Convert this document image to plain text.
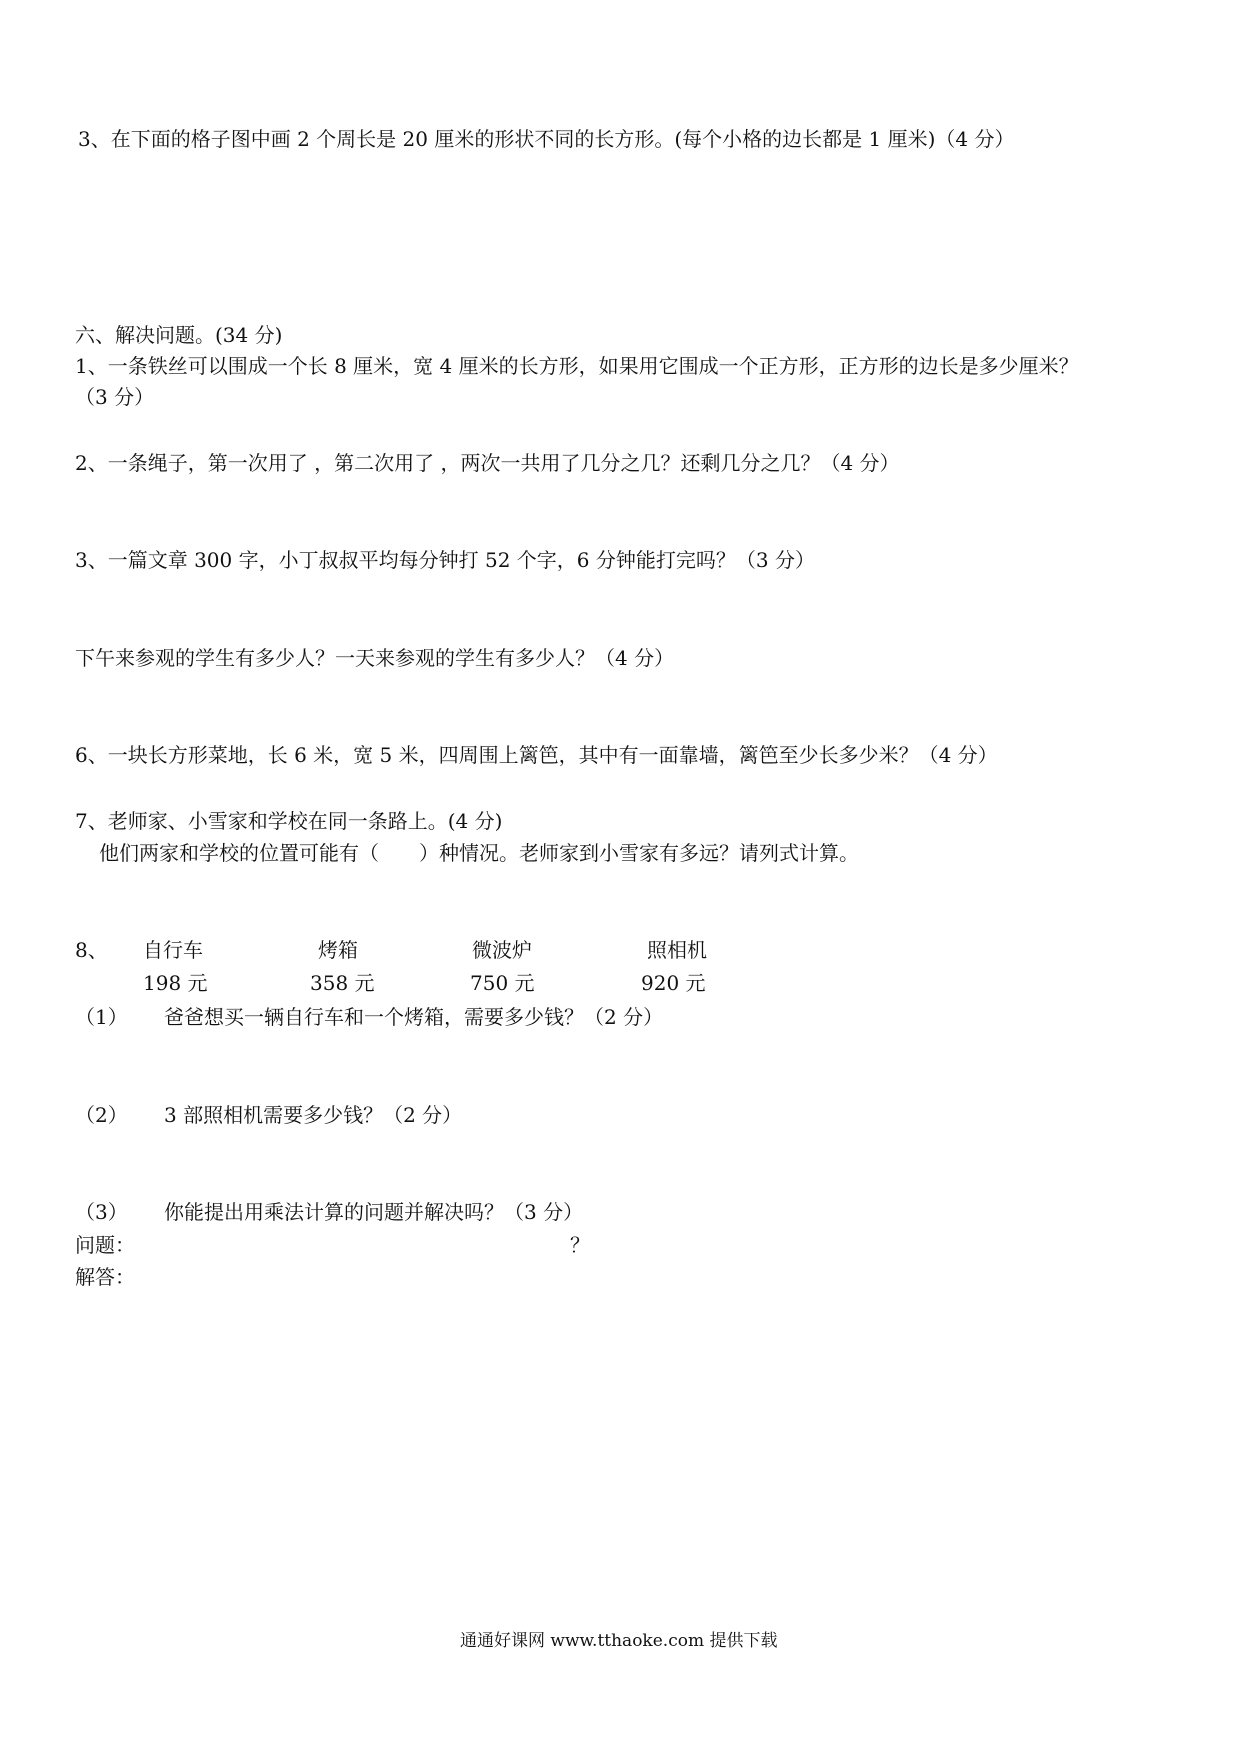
3、在下面的格子图中画 2 个周长是 20 厘米的形状不同的长方形。(每个小格的边长都是 1 厘米)（4 分）
六、解决问题。(34 分)
1、一条铁丝可以围成一个长 8 厘米，宽 4 厘米的长方形，如果用它围成一个正方形，正方形的边长是多少厘米？
（3 分）
2、一条绳子，第一次用了 ，第二次用了 ，两次一共用了几分之几？还剩几分之几？（4 分）
3、一篇文章 300 字，小丁叔叔平均每分钟打 52 个字，6 分钟能打完吗？（3 分）
下午来参观的学生有多少人？一天来参观的学生有多少人？（4 分）
6、一块长方形菜地，长 6 米，宽 5 米，四周围上篱笆，其中有一面靠墙，篱笆至少长多少米？（4 分）
7、老师家、小雪家和学校在同一条路上。(4 分)
他们两家和学校的位置可能有（　　）种情况。老师家到小雪家有多远？请列式计算。
8、 自行车	烤箱	微波炉	照相机
198 元	358 元	750 元	920 元
（1） 爸爸想买一辆自行车和一个烤箱，需要多少钱？（2 分）
（2） 3 部照相机需要多少钱？（2 分）
（3） 你能提出用乘法计算的问题并解决吗？（3 分）
问题：	？
解答：
通通好课网 www.tthaoke.com 提供下载
